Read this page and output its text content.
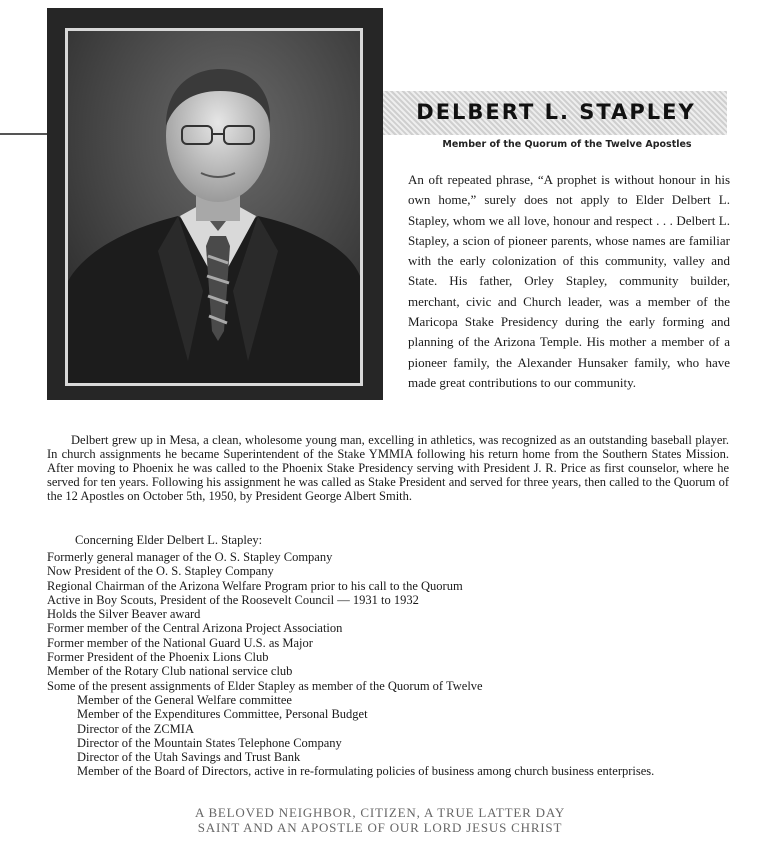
DELBERT L. STAPLEY
Member of the Quorum of the Twelve Apostles

An oft repeated phrase, “A prophet is without honour in his own home,” surely does not apply to Elder Delbert L. Stapley, whom we all love, honour and respect . . . Delbert L. Stapley, a scion of pioneer parents, whose names are familiar with the early colonization of this community, valley and State. His father, Orley Stapley, community builder, merchant, civic and Church leader, was a member of the Maricopa Stake Presidency during the early forming and planning of the Arizona Temple. His mother a member of a pioneer family, the Alexander Hunsaker family, who have made great contributions to our community.

Delbert grew up in Mesa, a clean, wholesome young man, excelling in athletics, was recognized as an outstanding baseball player. In church assignments he became Superintendent of the Stake YMMIA following his return home from the Southern States Mission. After moving to Phoenix he was called to the Phoenix Stake Presidency serving with President J. R. Price as first counselor, where he served for ten years. Following his assignment he was called as Stake President and served for three years, then called to the Quorum of the 12 Apostles on October 5th, 1950, by President George Albert Smith.

Concerning Elder Delbert L. Stapley:

Formerly general manager of the O. S. Stapley Company
Now President of the O. S. Stapley Company
Regional Chairman of the Arizona Welfare Program prior to his call to the Quorum
Active in Boy Scouts, President of the Roosevelt Council — 1931 to 1932
Holds the Silver Beaver award
Former member of the Central Arizona Project Association
Former member of the National Guard U.S. as Major
Former President of the Phoenix Lions Club
Member of the Rotary Club national service club
Some of the present assignments of Elder Stapley as member of the Quorum of Twelve
Member of the General Welfare committee
Member of the Expenditures Committee, Personal Budget
Director of the ZCMIA
Director of the Mountain States Telephone Company
Director of the Utah Savings and Trust Bank
Member of the Board of Directors, active in re-formulating policies of business among church business enterprises.
A BELOVED NEIGHBOR, CITIZEN, A TRUE LATTER DAY
SAINT AND AN APOSTLE OF OUR LORD JESUS CHRIST
